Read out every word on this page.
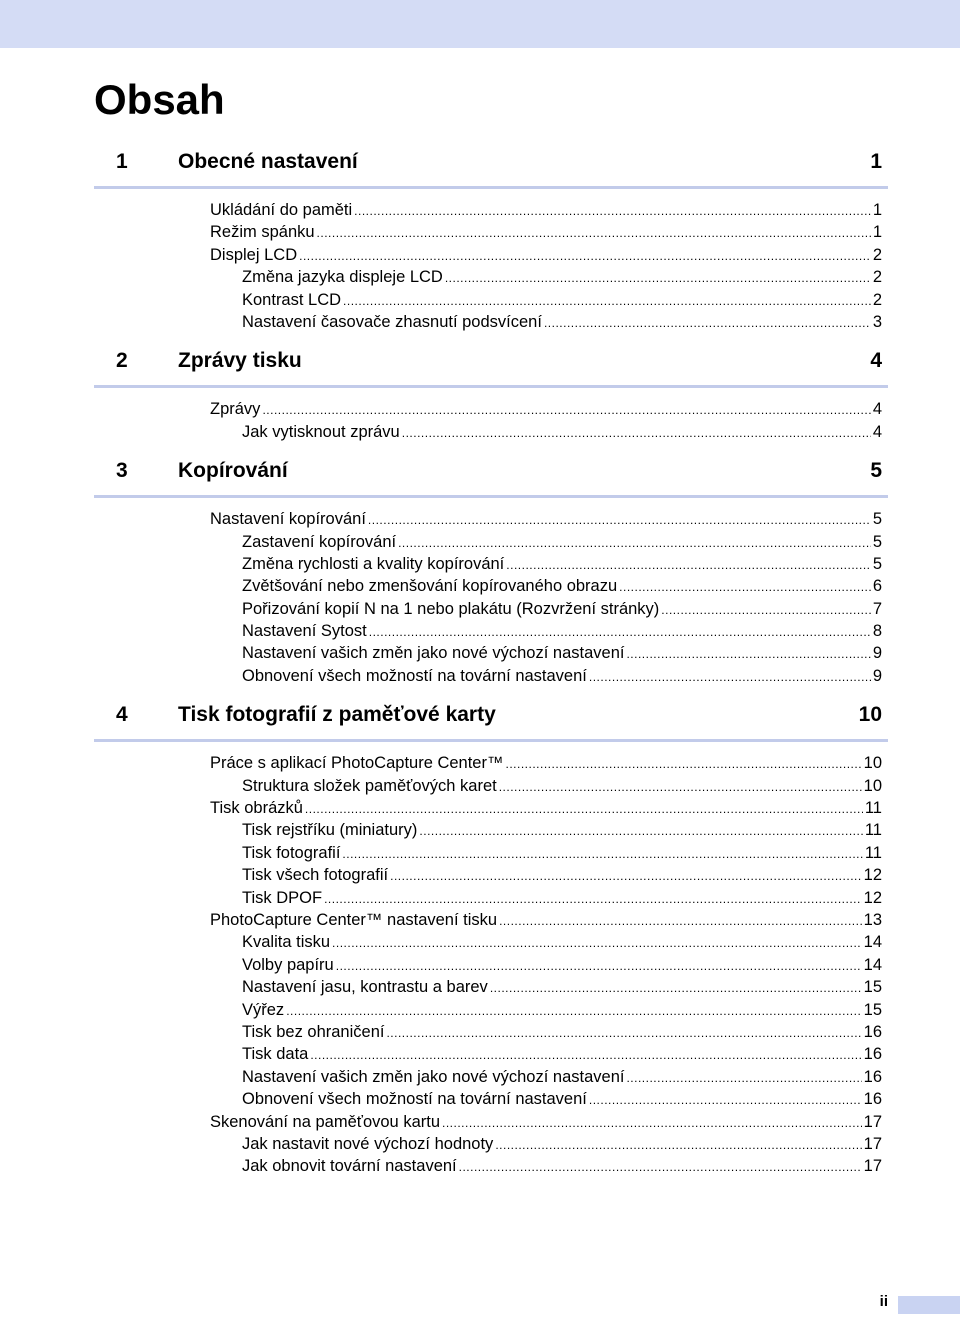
Obsah
1	Obecné nastavení	1
Ukládání do paměti .....	1
Režim spánku .....	1
Displej LCD .....	2
Změna jazyka displeje LCD .....	2
Kontrast LCD .....	2
Nastavení časovače zhasnutí podsvícení .....	3
2	Zprávy tisku	4
Zprávy .....	4
Jak vytisknout zprávu .....	4
3	Kopírování	5
Nastavení kopírování .....	5
Zastavení kopírování .....	5
Změna rychlosti a kvality kopírování .....	5
Zvětšování nebo zmenšování kopírovaného obrazu .....	6
Pořizování kopií N na 1 nebo plakátu (Rozvržení stránky) .....	7
Nastavení Sytost .....	8
Nastavení vašich změn jako nové výchozí nastavení .....	9
Obnovení všech možností na tovární nastavení .....	9
4	Tisk fotografií z paměťové karty	10
Práce s aplikací PhotoCapture Center™ .....	10
Struktura složek paměťových karet .....	10
Tisk obrázků .....	11
Tisk rejstříku (miniatury) .....	11
Tisk fotografií .....	11
Tisk všech fotografií .....	12
Tisk DPOF .....	12
PhotoCapture Center™ nastavení tisku .....	13
Kvalita tisku .....	14
Volby papíru .....	14
Nastavení jasu, kontrastu a barev .....	15
Výřez .....	15
Tisk bez ohraničení .....	16
Tisk data .....	16
Nastavení vašich změn jako nové výchozí nastavení .....	16
Obnovení všech možností na tovární nastavení .....	16
Skenování na paměťovou kartu .....	17
Jak nastavit nové výchozí hodnoty .....	17
Jak obnovit tovární nastavení .....	17
ii
